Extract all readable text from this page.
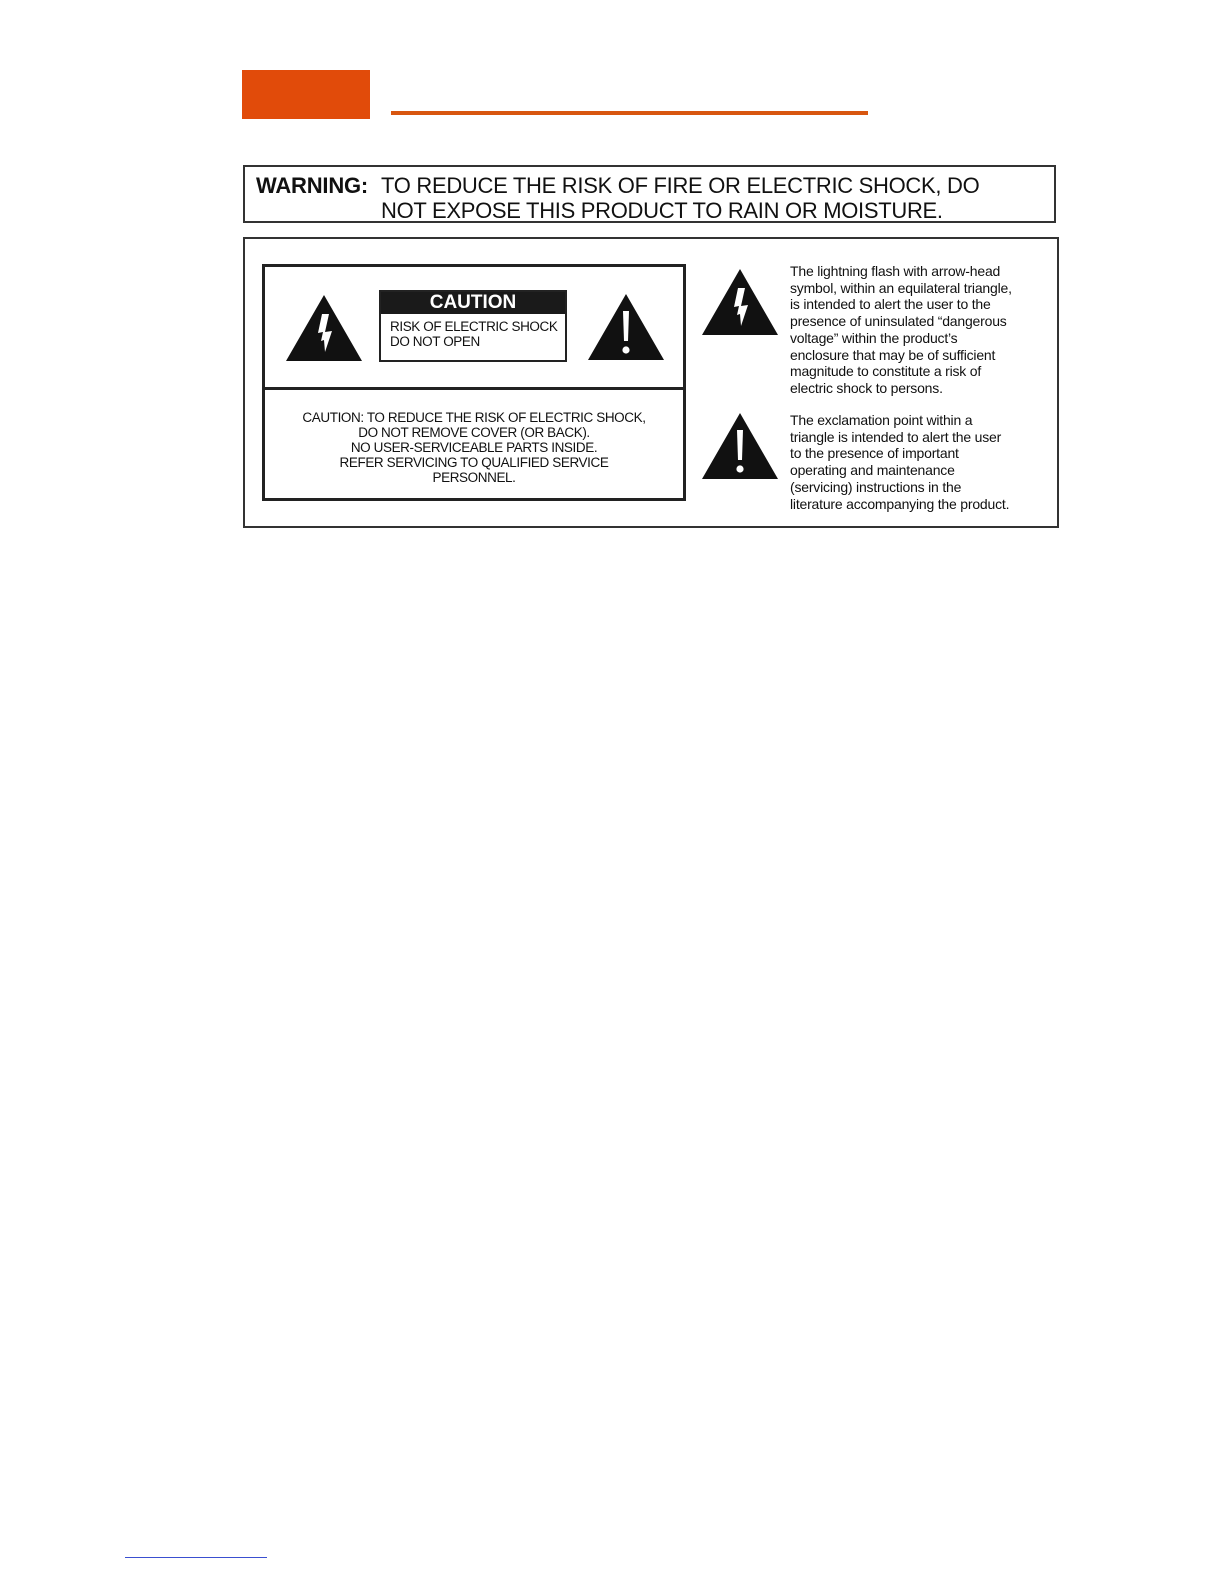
WARNING: TO REDUCE THE RISK OF FIRE OR ELECTRIC SHOCK, DO
NOT EXPOSE THIS PRODUCT TO RAIN OR MOISTURE.
CAUTION
RISK OF ELECTRIC SHOCK
DO NOT OPEN
CAUTION: TO REDUCE THE RISK OF ELECTRIC SHOCK,
DO NOT REMOVE COVER (OR BACK).
NO USER-SERVICEABLE PARTS INSIDE.
REFER SERVICING TO QUALIFIED SERVICE
PERSONNEL.
The lightning flash with arrow-head
symbol, within an equilateral triangle,
is intended to alert the user to the
presence of uninsulated “dangerous
voltage” within the product’s
enclosure that may be of sufficient
magnitude to constitute a risk of
electric shock to persons.
The exclamation point within a
triangle is intended to alert the user
to the presence of important
operating and maintenance
(servicing) instructions in the
literature accompanying the product.
